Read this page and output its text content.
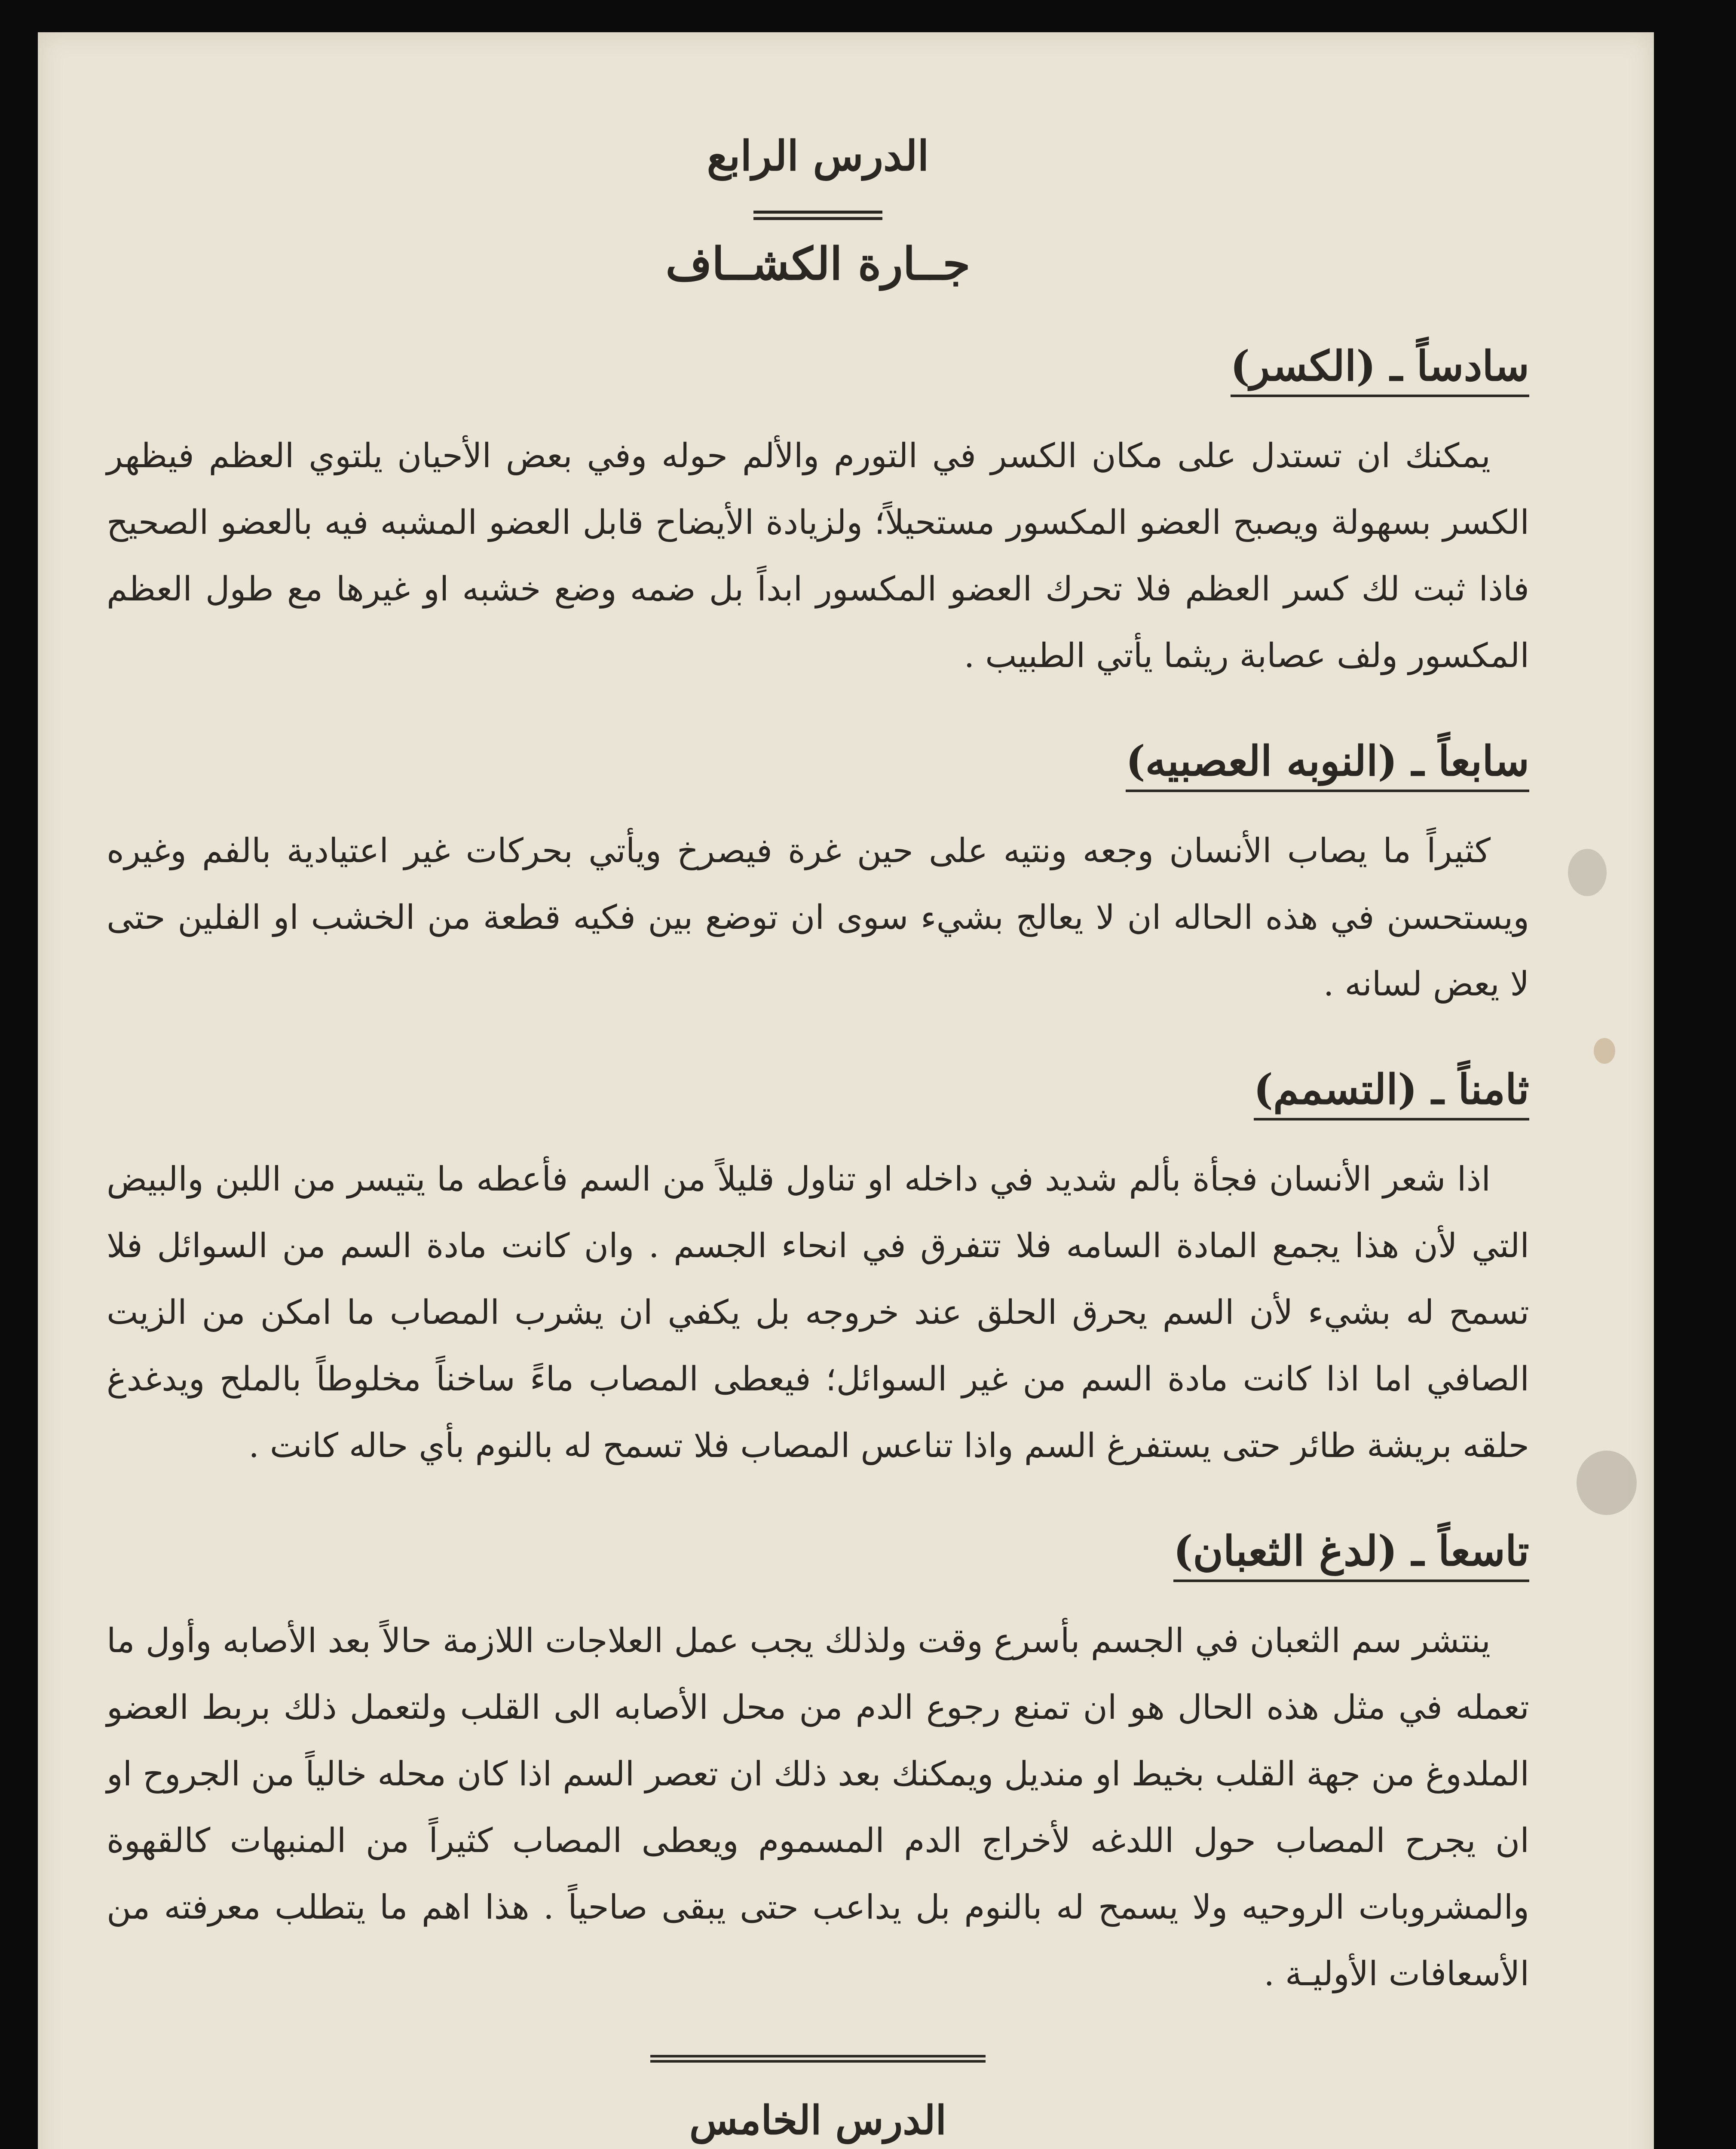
الدرس الرابع

جــارة الكشــاف

سادساً ـ (الكسر)

يمكنك ان تستدل على مكان الكسر في التورم والألم حوله وفي بعض الأحيان يلتوي العظم فيظهر الكسر بسهولة ويصبح العضو المكسور مستحيلاً؛ ولزيادة الأيضاح قابل العضو المشبه فيه بالعضو الصحيح فاذا ثبت لك كسر العظم فلا تحرك العضو المكسور ابداً بل ضمه وضع خشبه او غيرها مع طول العظم المكسور ولف عصابة ريثما يأتي الطبيب .

سابعاً ـ (النوبه العصبيه)

كثيراً ما يصاب الأنسان وجعه ونتيه على حين غرة فيصرخ ويأتي بحركات غير اعتيادية بالفم وغيره ويستحسن في هذه الحاله ان لا يعالج بشيء سوى ان توضع بين فكيه قطعة من الخشب او الفلين حتى لا يعض لسانه .

ثامناً ـ (التسمم)

اذا شعر الأنسان فجأة بألم شديد في داخله او تناول قليلاً من السم فأعطه ما يتيسر من اللبن والبيض التي لأن هذا يجمع المادة السامه فلا تتفرق في انحاء الجسم . وان كانت مادة السم من السوائل فلا تسمح له بشيء لأن السم يحرق الحلق عند خروجه بل يكفي ان يشرب المصاب ما امكن من الزيت الصافي اما اذا كانت مادة السم من غير السوائل؛ فيعطى المصاب ماءً ساخناً مخلوطاً بالملح ويدغدغ حلقه بريشة طائر حتى يستفرغ السم واذا تناعس المصاب فلا تسمح له بالنوم بأي حاله كانت .

تاسعاً ـ (لدغ الثعبان)

ينتشر سم الثعبان في الجسم بأسرع وقت ولذلك يجب عمل العلاجات اللازمة حالاً بعد الأصابه وأول ما تعمله في مثل هذه الحال هو ان تمنع رجوع الدم من محل الأصابه الى القلب ولتعمل ذلك بربط العضو الملدوغ من جهة القلب بخيط او منديل ويمكنك بعد ذلك ان تعصر السم اذا كان محله خالياً من الجروح او ان يجرح المصاب حول اللدغه لأخراج الدم المسموم ويعطى المصاب كثيراً من المنبهات كالقهوة والمشروبات الروحيه ولا يسمح له بالنوم بل يداعب حتى يبقى صاحياً . هذا اهم ما يتطلب معرفته من الأسعافات الأوليـة .

الدرس الخامس
